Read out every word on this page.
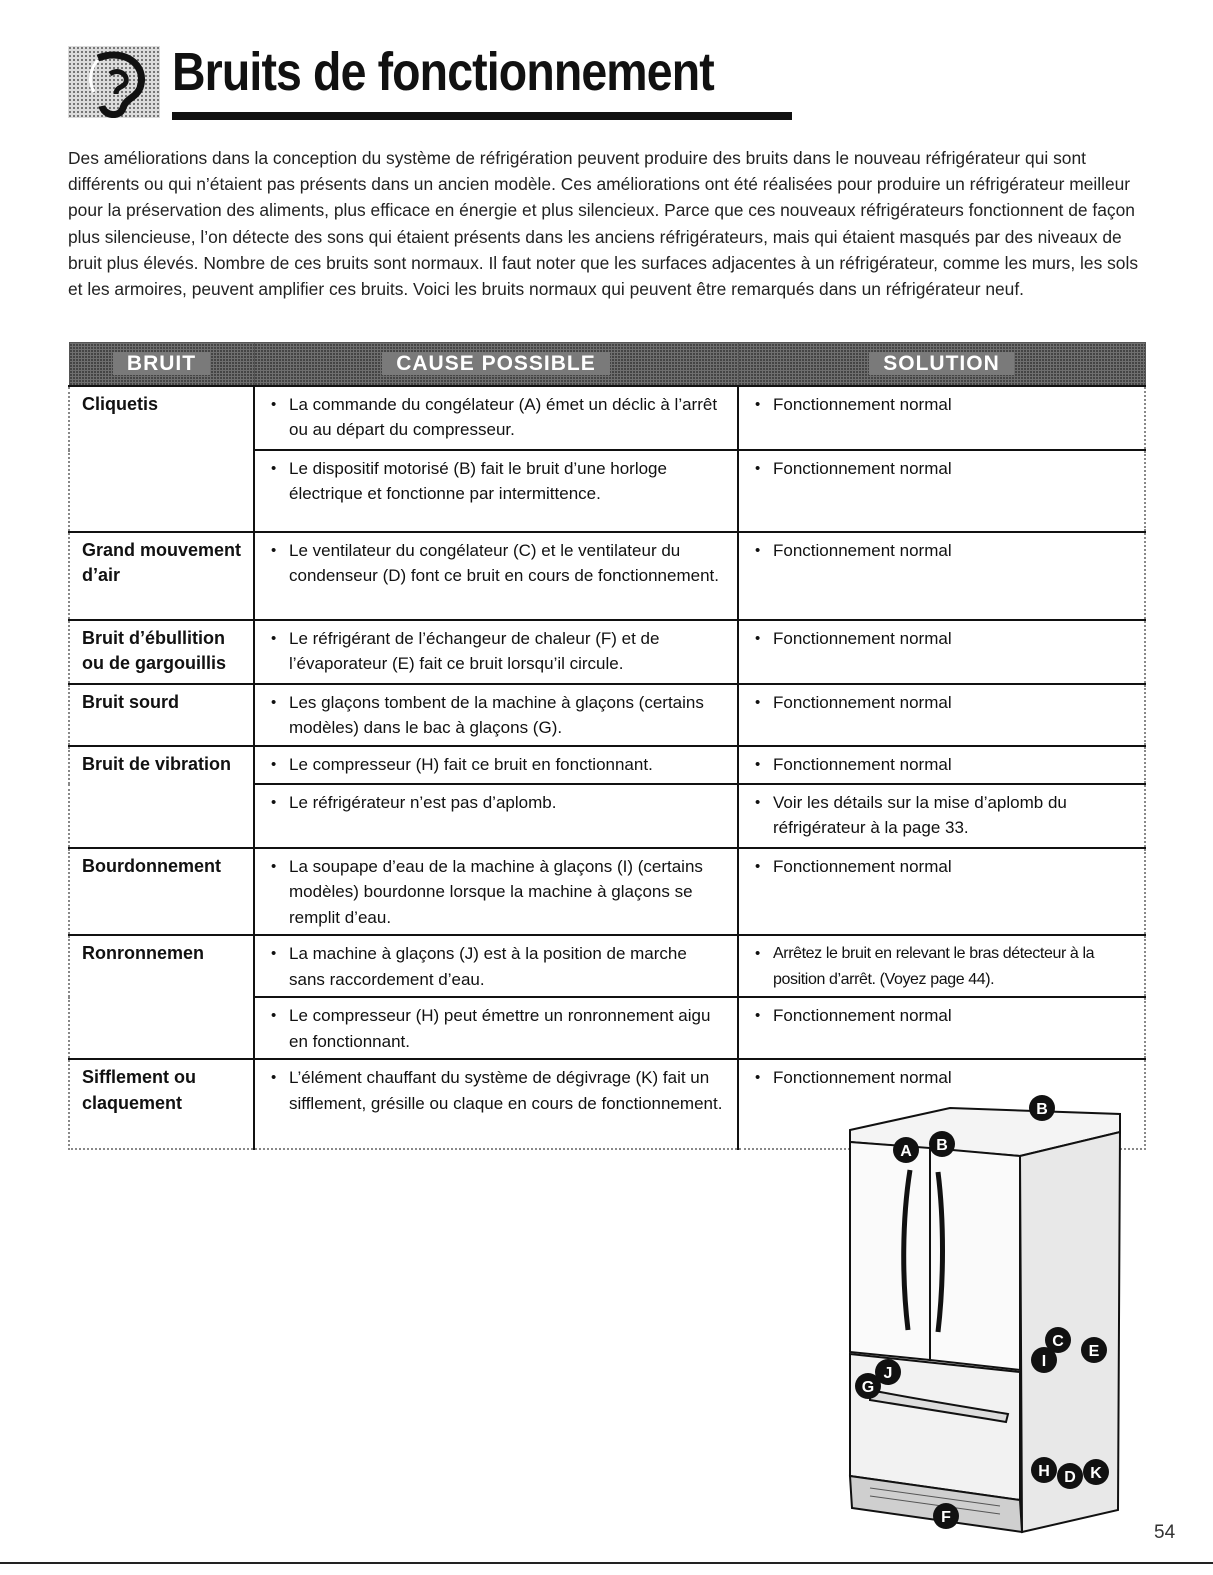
Bruits de fonctionnement

Des améliorations dans la conception du système de réfrigération peuvent produire des bruits dans le nouveau réfrigérateur qui sont différents ou qui n’étaient pas présents dans un ancien modèle. Ces améliorations ont été réalisées pour produire un réfrigérateur meilleur pour la préservation des aliments, plus efficace en énergie et plus silencieux. Parce que ces nouveaux réfrigérateurs fonctionnent de façon plus silencieuse, l’on détecte des sons qui étaient présents dans les anciens réfrigérateurs, mais qui étaient masqués par des niveaux de bruit plus élevés. Nombre de ces bruits sont normaux. Il faut noter que les surfaces adjacentes à un réfrigérateur, comme les murs, les sols et les armoires, peuvent amplifier ces bruits. Voici les bruits normaux qui peuvent être remarqués dans un réfrigérateur neuf.

BRUIT	CAUSE POSSIBLE	SOLUTION
Cliquetis	• La commande du congélateur (A) émet un déclic à l’arrêt ou au départ du compresseur.	• Fonctionnement normal

	• Le dispositif motorisé (B) fait le bruit d’une horloge électrique et fonctionne par intermittence.	• Fonctionnement normal

Grand mouvement d’air	• Le ventilateur du congélateur (C) et le ventilateur du condenseur (D) font ce bruit en cours de fonctionnement.	• Fonctionnement normal

Bruit d’ébullition ou de gargouillis	• Le réfrigérant de l’échangeur de chaleur (F) et de l’évaporateur (E) fait ce bruit lorsqu’il circule.	• Fonctionnement normal

Bruit sourd	• Les glaçons tombent de la machine à glaçons (certains modèles) dans le bac à glaçons (G).	• Fonctionnement normal

Bruit de vibration	• Le compresseur (H) fait ce bruit en fonctionnant.	• Fonctionnement normal

	• Le réfrigérateur n’est pas d’aplomb.	• Voir les détails sur la mise d’aplomb du réfrigérateur à la page 33.

Bourdonnement	• La soupape d’eau de la machine à glaçons (I) (certains modèles) bourdonne lorsque la machine à glaçons se remplit d’eau.	• Fonctionnement normal

Ronronnemen	• La machine à glaçons (J) est à la position de marche sans raccordement d’eau.	• Arrêtez le bruit en relevant le bras détecteur à la position d’arrêt. (Voyez page 44).

	• Le compresseur (H) peut émettre un ronronnement aigu en fonctionnant.	• Fonctionnement normal

Sifflement ou claquement	• L’élément chauffant du système de dégivrage (K) fait un sifflement, grésille ou claque en cours de fonctionnement.	• Fonctionnement normal
A B
B
C
E
I
G
J
H D K
F
54
